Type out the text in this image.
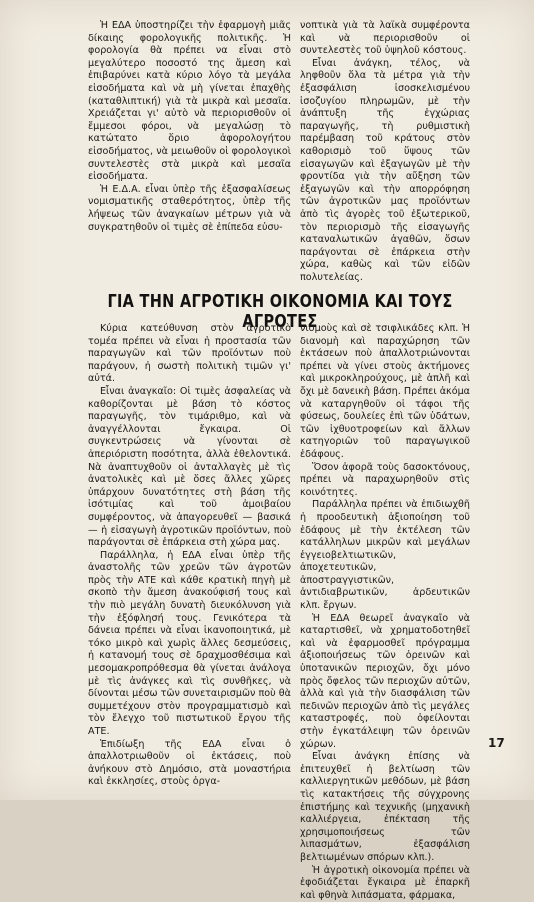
Ἡ ΕΔΑ ὑποστηρίζει τὴν ἐφαρμογὴ μιᾶς δίκαιης φορολογικῆς πολιτικῆς. Ἡ φορολογία θὰ πρέπει να εἶναι στὸ μεγαλύτερο ποσοστό της ἄμεση καὶ ἐπιβαρύνει κατὰ κύριο λόγο τὰ μεγάλα εἰσοδήματα καὶ νὰ μὴ γίνεται ἐπαχθὴς (καταθλιπτική) γιὰ τὰ μικρὰ καὶ μεσαῖα. Χρειάζεται γι' αὐτὸ νὰ περιορισθοῦν οἱ ἔμμεσοι φόροι, νὰ μεγαλώσῃ τὸ κατώτατο ὅριο ἀφορολογήτου εἰσοδήματος, νὰ μειωθοῦν οἱ φορολογικοὶ συντελεστὲς στὰ μικρὰ καὶ μεσαῖα εἰσοδήματα.

Ἡ Ε.Δ.Α. εἶναι ὑπὲρ τῆς ἐξασφαλίσεως νομισματικῆς σταθερότητος, ὑπὲρ τῆς λήψεως τῶν ἀναγκαίων μέτρων γιὰ νὰ συγκρατηθοῦν οἱ τιμὲς σὲ ἐπίπεδα εὐσυ-

νοπτικὰ γιὰ τὰ λαϊκὰ συμφέροντα καὶ νὰ περιορισθοῦν οἱ συντελεστὲς τοῦ ὑψηλοῦ κόστους.

Εἶναι ἀνάγκη, τέλος, νὰ ληφθοῦν ὅλα τὰ μέτρα γιὰ τὴν ἐξασφάλιση ἰσοσκελισμένου ἰσοζυγίου πληρωμῶν, μὲ τὴν ἀνάπτυξη τῆς ἐγχώριας παραγωγῆς, τὴ ρυθμιστικὴ παρέμβαση τοῦ κράτους στὸν καθορισμὸ τοῦ ὕψους τῶν εἰσαγωγῶν καὶ ἐξαγωγῶν μὲ τὴν φροντίδα γιὰ τὴν αὔξηση τῶν ἐξαγωγῶν καὶ τὴν απορρόφηση τῶν ἀγροτικῶν μας προϊόντων ἀπὸ τὶς ἀγορὲς τοῦ ἐξωτερικοῦ, τὸν περιορισμὸ τῆς εἰσαγωγῆς καταναλωτικῶν ἀγαθῶν, ὅσων παράγονται σὲ ἐπάρκεια στὴν χώρα, καθὼς καὶ τῶν εἰδῶν πολυτελείας.

ΓΙΑ ΤΗΝ ΑΓΡΟΤΙΚΗ ΟΙΚΟΝΟΜΙΑ ΚΑΙ ΤΟΥΣ ΑΓΡΟΤΕΣ

Κύρια κατεύθυνση στὸν ἀγροτικὸ τομέα πρέπει νὰ εἶναι ἡ προστασία τῶν παραγωγῶν καὶ τῶν προϊόντων ποὺ παράγουν, ἡ σωστὴ πολιτικὴ τιμῶν γι' αὐτά.

Εἶναι ἀναγκαῖο: Οἱ τιμὲς ἀσφαλείας νὰ καθορίζονται μὲ βάση τὸ κόστος παραγωγῆς, τὸν τιμάριθμο, καὶ νὰ ἀναγγέλλονται ἔγκαιρα. Οἱ συγκεντρώσεις νὰ γίνονται σὲ ἀπεριόριστη ποσότητα, ἀλλὰ ἐθελοντικά. Νὰ ἀναπτυχθοῦν οἱ ἀνταλλαγὲς μὲ τὶς ἀνατολικὲς καὶ μὲ ὅσες ἄλλες χῶρες ὑπάρχουν δυνατότητες στὴ βάση τῆς ἰσότιμίας καὶ τοῦ ἀμοιβαίου συμφέροντος, νὰ ἀπαγορευθεῖ — βασικά — ἡ εἰσαγωγὴ ἀγροτικῶν προϊόντων, ποὺ παράγονται σὲ ἐπάρκεια στὴ χώρα μας.

Παράλληλα, ἡ ΕΔΑ εἶναι ὑπὲρ τῆς ἀναστολῆς τῶν χρεῶν τῶν ἀγροτῶν πρὸς τὴν ΑΤΕ καὶ κάθε κρατικὴ πηγὴ μὲ σκοπὸ τὴν ἄμεση ἀνακούφισή τους καὶ τὴν πιὸ μεγάλη δυνατὴ διευκόλυνση γιὰ τὴν ἐξόφλησή τους. Γενικότερα τὰ δάνεια πρέπει νὰ εἶναι ἱκανοποιητικά, μὲ τόκο μικρὸ καὶ χωρὶς ἄλλες δεσμεύσεις, ἡ κατανομή τους σὲ δραχμοσθέσιμα καὶ μεσομακροπρόθεσμα θὰ γίνεται ἀνάλογα μὲ τὶς ἀνάγκες καὶ τὶς συνθῆκες, νὰ δίνονται μέσω τῶν συνεταιρισμῶν ποὺ θὰ συμμετέχουν στὸν προγραμματισμὸ καὶ τὸν ἔλεγχο τοῦ πιστωτικοῦ ἔργου τῆς ΑΤΕ.

Ἐπιδίωξη τῆς ΕΔΑ εἶναι ὁ ἀπαλλοτριωθοῦν οἱ ἐκτάσεις, ποὺ ἀνήκουν στὸ Δημόσιο, στὰ μοναστήρια καὶ ἐκκλησίες, στοὺς ὀργα-

νισμοὺς καὶ σὲ τσιφλικάδες κλπ. Ἡ διανομὴ καὶ παραχώρηση τῶν ἐκτάσεων ποὺ ἀπαλλοτριώνονται πρέπει νὰ γίνει στοὺς ἀκτήμονες καὶ μικροκληρούχους, μὲ ἁπλῆ καὶ ὄχι μὲ δανεικὴ βάση. Πρέπει ἀκόμα νὰ καταργηθοῦν οἱ τάφοι τῆς φύσεως, δουλείες ἐπὶ τῶν ὑδάτων, τῶν ἰχθυοτροφείων καὶ ἄλλων κατηγοριῶν τοῦ παραγωγικοῦ ἐδάφους.

Ὅσον ἀφορᾶ τοὺς δασοκτόνους, πρέπει νὰ παραχωρηθοῦν στὶς κοινότητες.

Παράλληλα πρέπει νὰ ἐπιδιωχθῆ ἡ προοδευτικὴ ἀξιοποίηση τοῦ ἐδάφους μὲ τὴν ἐκτέλεση τῶν κατάλληλων μικρῶν καὶ μεγάλων ἐγγειοβελτιωτικῶν, ἀποχετευτικῶν, ἀποστραγγιστικῶν, ἀντιδιαβρωτικῶν, ἀρδευτικῶν κλπ. ἔργων.

Ἡ ΕΔΑ θεωρεῖ ἀναγκαῖο νὰ καταρτισθεῖ, νὰ χρηματοδοτηθεῖ καὶ νὰ ἐφαρμοσθεῖ πρόγραμμα ἀξιοποιήσεως τῶν ὀρεινῶν καὶ ὑποτανικῶν περιοχῶν, ὄχι μόνο πρὸς ὄφελος τῶν περιοχῶν αὐτῶν, ἀλλὰ καὶ γιὰ τὴν διασφάλιση τῶν πεδινῶν περιοχῶν ἀπὸ τὶς μεγάλες καταστροφές, ποὺ ὀφείλονται στὴν ἐγκατάλειψη τῶν ὀρεινῶν χώρων.

Εἶναι ἀνάγκη ἐπίσης νὰ ἐπιτευχθεῖ ἡ βελτίωση τῶν καλλιεργητικῶν μεθόδων, μὲ βάση τὶς κατακτήσεις τῆς σύγχρονης ἐπιστήμης καὶ τεχνικῆς (μηχανικὴ καλλιέργεια, ἐπέκταση τῆς χρησιμοποιήσεως τῶν λιπασμάτων, ἐξασφάλιση βελτιωμένων σπόρων κλπ.).

Ἡ ἀγροτικὴ οἰκονομία πρέπει νὰ ἐφοδιάζεται ἔγκαιρα μὲ ἐπαρκῆ καὶ φθηνὰ λιπάσματα, φάρμακα,

17
